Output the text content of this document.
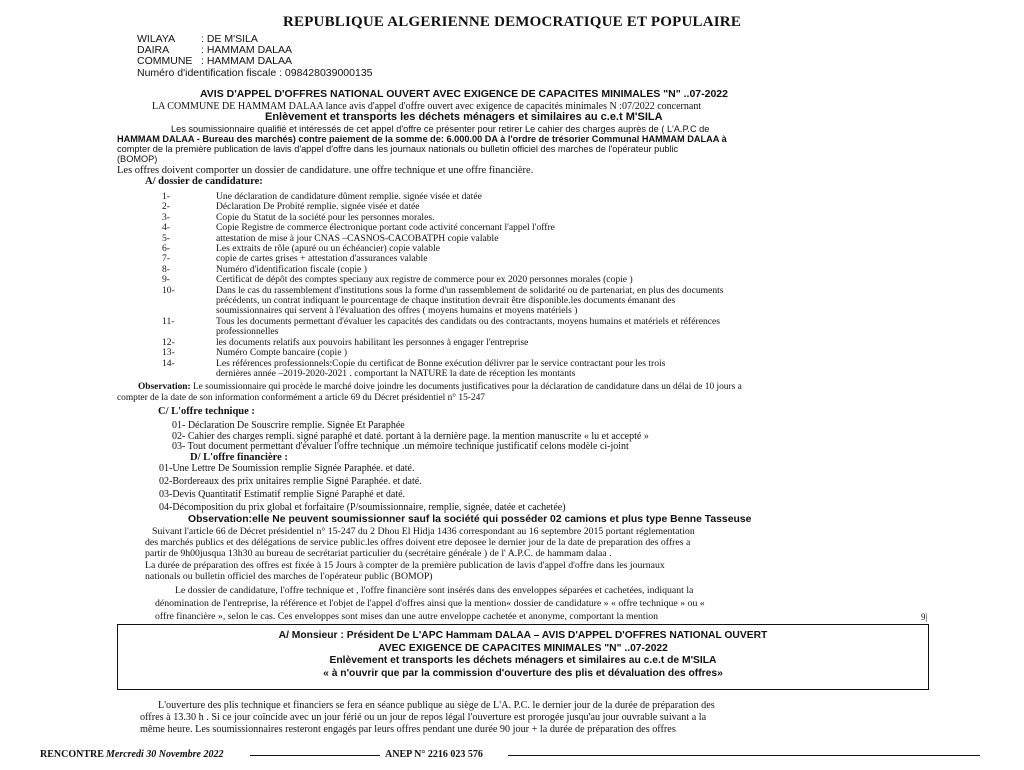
REPUBLIQUE ALGERIENNE DEMOCRATIQUE ET POPULAIRE
WILAYA : DE M'SILA
DAIRA	: HAMMAM DALAA
COMMUNE : HAMMAM DALAA
Numéro d'identification fiscale : 098428039000135
AVIS D'APPEL D'OFFRES NATIONAL OUVERT AVEC EXIGENCE DE CAPACITES MINIMALES "N" ..07-2022
LA COMMUNE DE HAMMAM DALAA lance avis d'appel d'offre ouvert avec exigence de capacités minimales N :07/2022 concernant
Enlèvement et transports les déchets ménagers et similaires au c.e.t M'SILA
Les soumissionnaire qualifié et intéressés de cet appel d'offre ce présenter pour retirer Le cahier des charges auprès de ( L'A.P.C de
HAMMAM DALAA - Bureau des marchés) contre paiement de la somme de: 6.000.00 DA à l'ordre de trésorier Communal HAMMAM DALAA à
compter de la première publication de lavis d'appel d'offre dans les journaux nationals ou bulletin officiel des marches de l'opérateur public
(BOMOP)
Les offres doivent comporter un dossier de candidature. une offre technique et une offre financière.
A/ dossier de candidature:
1-	Une déclaration de candidature dûment remplie. signée visée et datée
2-	Déclaration De Probité remplie. signée visée et datée
3-	Copie du Statut de la société pour les personnes morales.
4-	Copie Registre de commerce électronique portant code activité concernant l'appel l'offre
5-	attestation de mise à jour CNAS –CASNOS-CACOBATPH copie valable
6-	Les extraits de rôle (apuré ou un échéancier) copie valable
7-	copie de cartes grises + attestation d'assurances valable
8-	Numéro d'identification fiscale (copie )
9-	Certificat de dépôt des comptes speciauy aux registre de commerce pour ex 2020 personnes morales (copie )
10-	Dans le cas du rassemblement d'institutions sous la forme d'un rassemblement de solidarité ou de partenariat, en plus des documents
précédents, un contrat indiquant le pourcentage de chaque institution devrait être disponible.les documents émanant des
soumissionnaires qui servent à l'évaluation des offres ( moyens humains et moyens matériels )
11-	Tous les documents permettant d'évaluer les capacités des candidats ou des contractants, moyens humains et matériels et références
professionnelles
12-	les documents relatifs aux pouvoirs habilitant les personnes à engager l'entreprise
13-	Numéro Compte bancaire (copie )
14-	Les références professionnels:Copie du certificat de Bonne exécution délivrer par le service contractant pour les trois
dernières année –2019-2020-2021 . comportant la NATURE la date de réception les montants
Observation: Le soumissionnaire qui procède le marché doive joindre les documents justificatives pour la déclaration de candidature dans un délai de 10 jours a
compter de la date de son information conformément a article 69 du Décret présidentiel n° 15-247
C/ L'offre technique :
01- Déclaration De Souscrire remplie. Signée Et Paraphée
02- Cahier des charges rempli. signé paraphé et daté. portant à la dernière page. la mention manuscrite « lu et accepté »
03- Tout document permettant d'évaluer l'offre technique .un mémoire technique justificatif celons modèle ci-joint
D/ L'offre financière :
01-Une Lettre De Soumission remplie Signée Paraphée. et daté.
02-Bordereaux des prix unitaires remplie Signé Paraphée. et daté.
03-Devis Quantitatif Estimatif remplie Signé Paraphé et daté.
04-Décomposition du prix global et forfaitaire (P/soumissionnaire, remplie, signée, datée et cachetée)
Observation:elle Ne peuvent soumissionner sauf la société qui posséder 02 camions et plus type Benne Tasseuse
Suivant l'article 66 de Décret présidentiel n° 15-247 du 2 Dhou El Hidja 1436 correspondant au 16 septembre 2015 portant réglementation
des marchés publics et des délégations de service public.les offres doivent etre deposee le dernier jour de la date de preparation des offres a
partir de 9h00jusqua 13h30 au bureau de secrétariat particulier du (secrétaire générale ) de l' A.P.C. de hammam dalaa .
La durée de préparation des offres est fixée à 15 Jours à compter de la première publication de lavis d'appel d'offre dans les journaux
nationals ou bulletin officiel des marches de l'opérateur public (BOMOP)
Le dossier de candidature, l'offre technique et , l'offre financière sont insérés dans des enveloppes séparées et cachetées, indiquant la
dénomination de l'entreprise, la référence et l'objet de l'appel d'offres ainsi que la mention« dossier de candidature » « offre technique » ou «
offre financière », selon le cas. Ces enveloppes sont mises dan une autre enveloppe cachetée et anonyme, comportant la mention	9|
A/ Monsieur : Président De L'APC Hammam DALAA – AVIS D'APPEL D'OFFRES NATIONAL OUVERT
AVEC EXIGENCE DE CAPACITES MINIMALES "N" ..07-2022
Enlèvement et transports les déchets ménagers et similaires au c.e.t de M'SILA
« à n'ouvrir que par la commission d'ouverture des plis et dévaluation des offres»
L'ouverture des plis technique et financiers se fera en séance publique au siège de L'A. P.C. le dernier jour de la durée de préparation des
offres à 13.30 h . Si ce jour coïncide avec un jour férié ou un jour de repos légal l'ouverture est prorogée jusqu'au jour ouvrable suivant a la
même heure. Les soumissionnaires resteront engagés par leurs offres pendant une durée 90 jour + la durée de préparation des offres
RENCONTRE Mercredi 30 Novembre 2022	ANEP N° 2216 023 576
